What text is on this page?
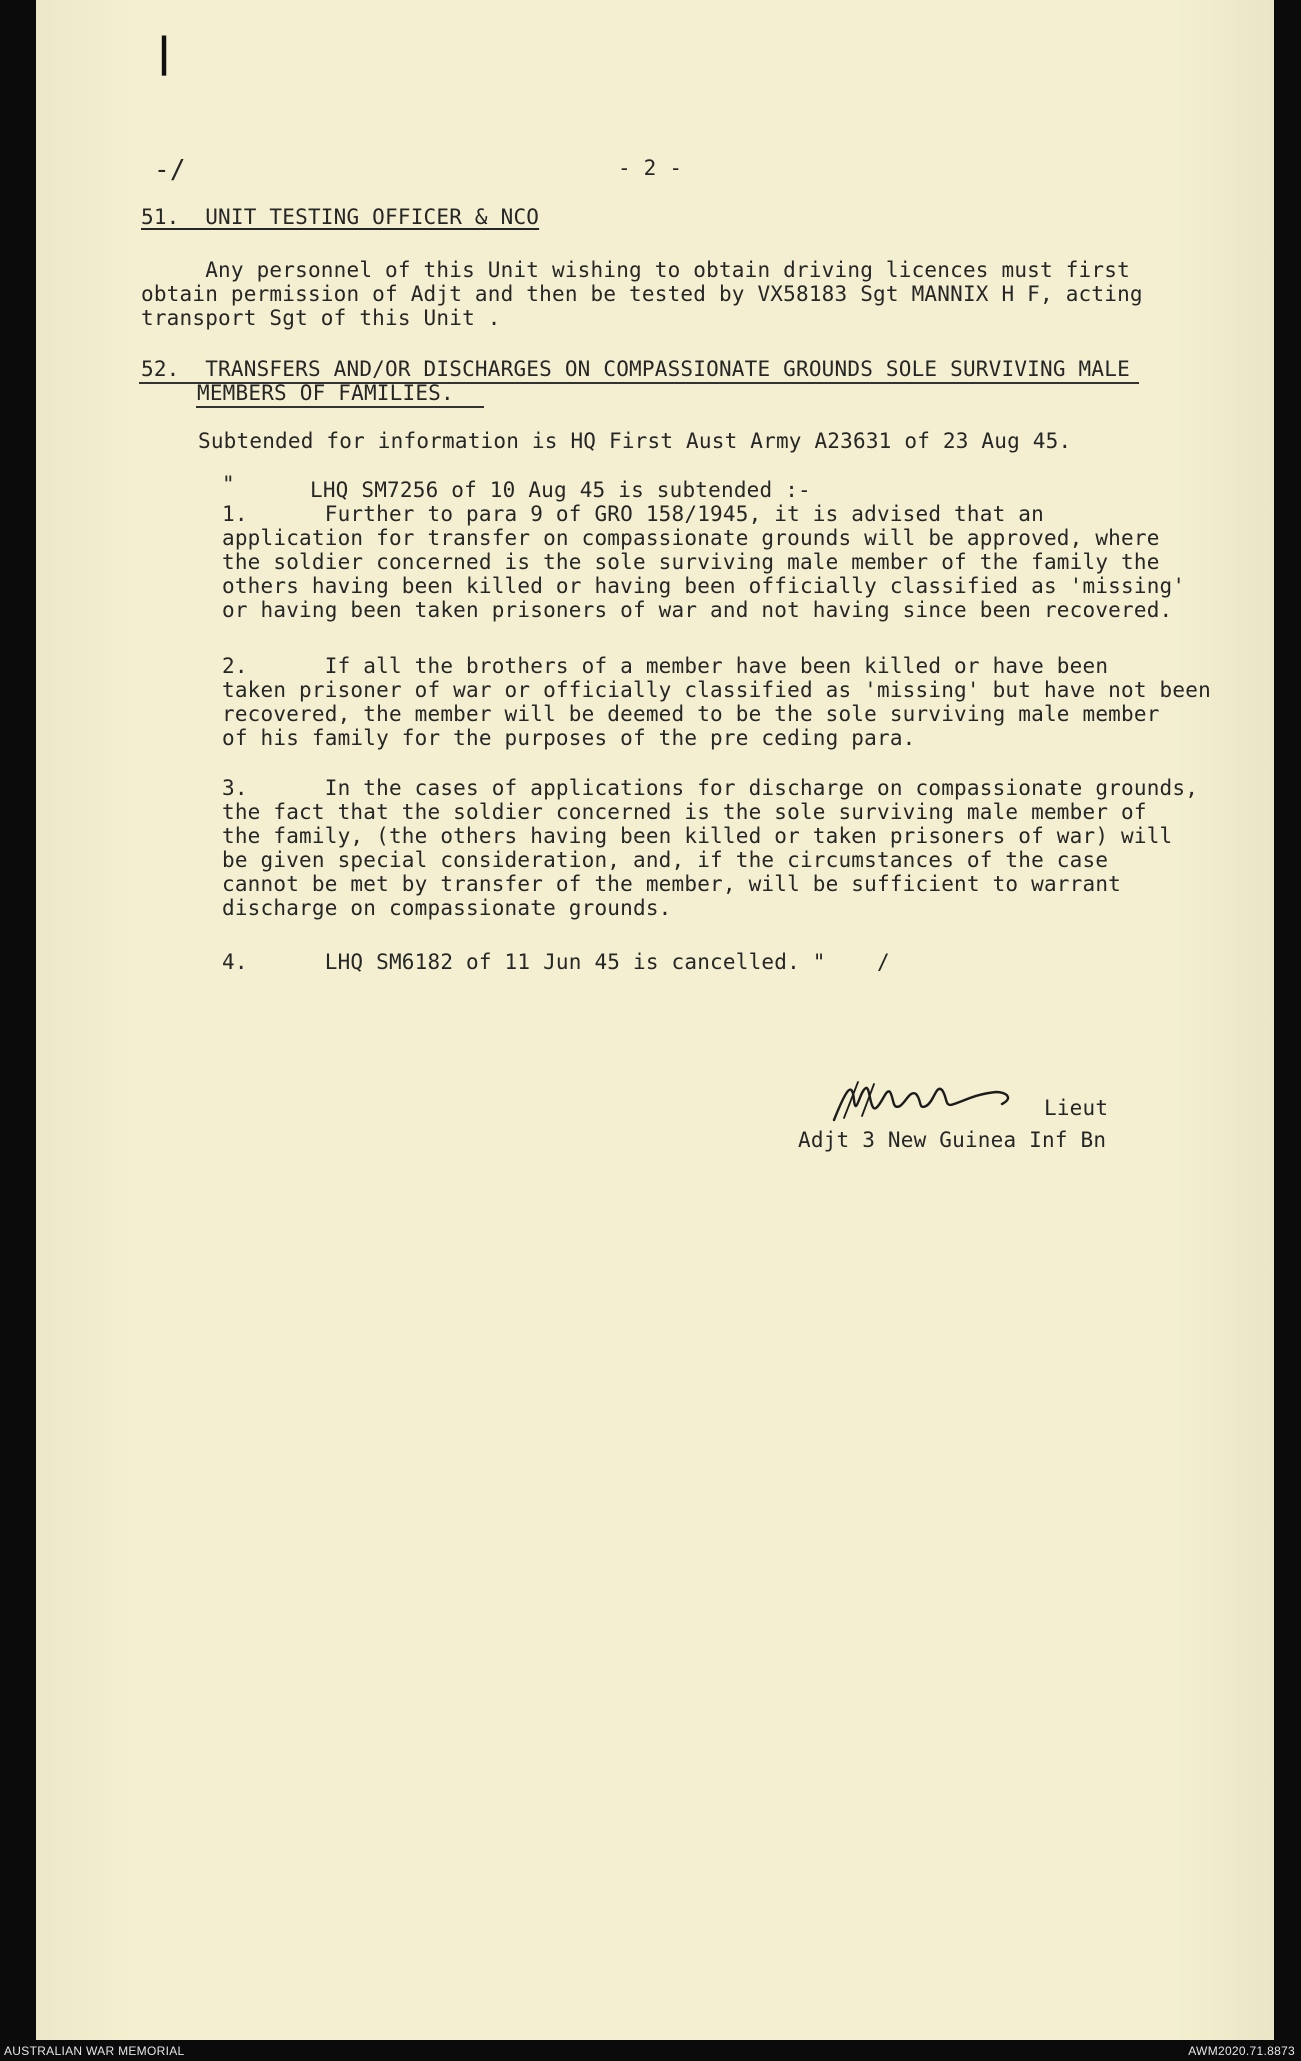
|
-/	- 2 -
51.  UNIT TESTING OFFICER & NCO
Any personnel of this Unit wishing to obtain driving licences must first
obtain permission of Adjt and then be tested by VX58183 Sgt MANNIX H F, acting
transport Sgt of this Unit .
52.  TRANSFERS AND/OR DISCHARGES ON COMPASSIONATE GROUNDS SOLE SURVIVING MALE
MEMBERS OF FAMILIES.
Subtended for information is HQ First Aust Army A23631 of 23 Aug 45.
"	LHQ SM7256 of 10 Aug 45 is subtended :-
1.      Further to para 9 of GRO 158/1945, it is advised that an
application for transfer on compassionate grounds will be approved, where
the soldier concerned is the sole surviving male member of the family the
others having been killed or having been officially classified as 'missing'
or having been taken prisoners of war and not having since been recovered.
2.      If all the brothers of a member have been killed or have been
taken prisoner of war or officially classified as 'missing' but have not been
recovered, the member will be deemed to be the sole surviving male member
of his family for the purposes of the pre ceding para.
3.      In the cases of applications for discharge on compassionate grounds,
the fact that the soldier concerned is the sole surviving male member of
the family, (the others having been killed or taken prisoners of war) will
be given special consideration, and, if the circumstances of the case
cannot be met by transfer of the member, will be sufficient to warrant
discharge on compassionate grounds.
4.      LHQ SM6182 of 11 Jun 45 is cancelled. "    /
Lieut
Adjt 3 New Guinea Inf Bn
AUSTRALIAN WAR MEMORIAL	AWM2020.71.8873
